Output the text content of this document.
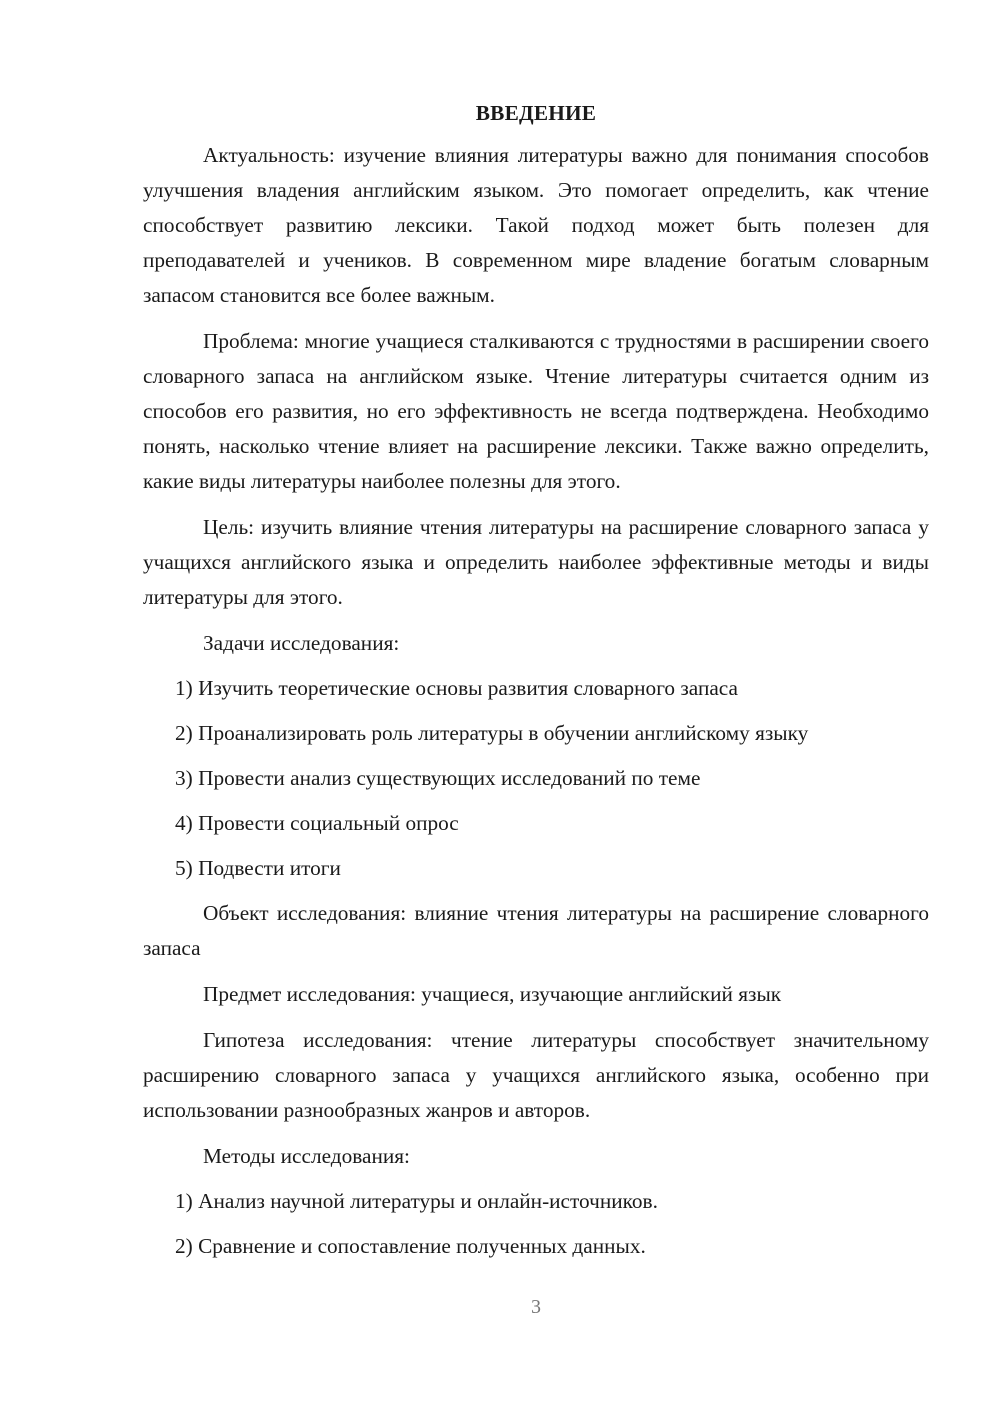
ВВЕДЕНИЕ

Актуальность: изучение влияния литературы важно для понимания способов улучшения владения английским языком. Это помогает определить, как чтение способствует развитию лексики. Такой подход может быть полезен для преподавателей и учеников. В современном мире владение богатым словарным запасом становится все более важным.

Проблема: многие учащиеся сталкиваются с трудностями в расширении своего словарного запаса на английском языке. Чтение литературы считается одним из способов его развития, но его эффективность не всегда подтверждена. Необходимо понять, насколько чтение влияет на расширение лексики. Также важно определить, какие виды литературы наиболее полезны для этого.

Цель: изучить влияние чтения литературы на расширение словарного запаса у учащихся английского языка и определить наиболее эффективные методы и виды литературы для этого.

Задачи исследования:

1) Изучить теоретические основы развития словарного запаса
2) Проанализировать роль литературы в обучении английскому языку
3) Провести анализ существующих исследований по теме
4) Провести социальный опрос
5) Подвести итоги

Объект исследования: влияние чтения литературы на расширение словарного запаса

Предмет исследования: учащиеся, изучающие английский язык

Гипотеза исследования: чтение литературы способствует значительному расширению словарного запаса у учащихся английского языка, особенно при использовании разнообразных жанров и авторов.

Методы исследования:

1) Анализ научной литературы и онлайн-источников.
2) Сравнение и сопоставление полученных данных.
3
